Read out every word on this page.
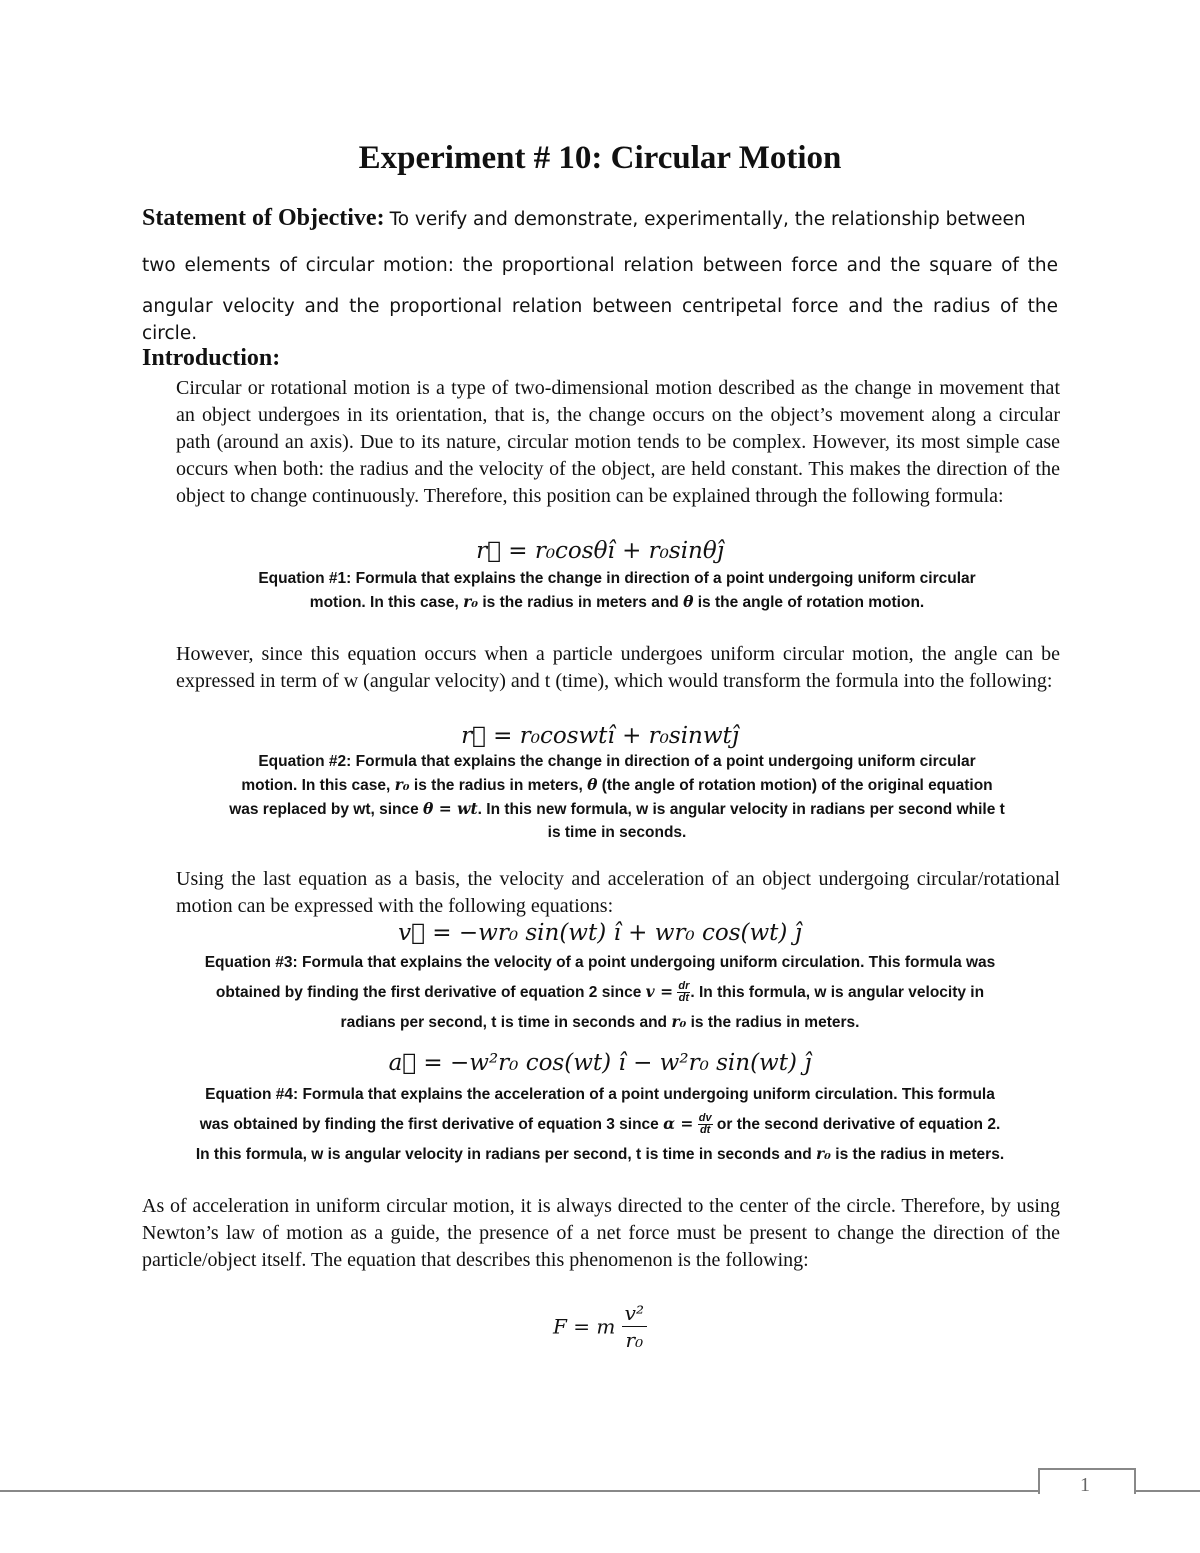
Experiment # 10: Circular Motion
Statement of Objective: To verify and demonstrate, experimentally, the relationship between
two elements of circular motion: the proportional relation between force and the square of the
angular velocity and the proportional relation between centripetal force and the radius of the circle.
Introduction:
Circular or rotational motion is a type of two-dimensional motion described as the change in movement that an object undergoes in its orientation, that is, the change occurs on the object’s movement along a circular path (around an axis). Due to its nature, circular motion tends to be complex. However, its most simple case occurs when both: the radius and the velocity of the object, are held constant. This makes the direction of the object to change continuously. Therefore, this position can be explained through the following formula:
r⃗ = r₀cosθî + r₀sinθĵ
Equation #1: Formula that explains the change in direction of a point undergoing uniform circular
motion. In this case, r₀ is the radius in meters and θ is the angle of rotation motion.
However, since this equation occurs when a particle undergoes uniform circular motion, the angle can be expressed in term of w (angular velocity) and t (time), which would transform the formula into the following:
r⃗ = r₀coswtî + r₀sinwtĵ
Equation #2: Formula that explains the change in direction of a point undergoing uniform circular
motion. In this case, r₀ is the radius in meters, θ (the angle of rotation motion) of the original equation
was replaced by wt, since θ = wt. In this new formula, w is angular velocity in radians per second while t
is time in seconds.
Using the last equation as a basis, the velocity and acceleration of an object undergoing circular/rotational motion can be expressed with the following equations:
v⃗ = −wr₀ sin(wt) î + wr₀ cos(wt) ĵ
Equation #3: Formula that explains the velocity of a point undergoing uniform circulation. This formula was
obtained by finding the first derivative of equation 2 since $v = \frac{dr}{dt}$ . In this formula, w is angular velocity in
radians per second, t is time in seconds and r₀ is the radius in meters.
a⃗ = −w²r₀ cos(wt) î − w²r₀ sin(wt) ĵ
Equation #4: Formula that explains the acceleration of a point undergoing uniform circulation. This formula
was obtained by finding the first derivative of equation 3 since $\alpha = \frac{dv}{dt}$ or the second derivative of equation 2.
In this formula, w is angular velocity in radians per second, t is time in seconds and r₀ is the radius in meters.
As of acceleration in uniform circular motion, it is always directed to the center of the circle. Therefore, by using Newton’s law of motion as a guide, the presence of a net force must be present to change the direction of the particle/object itself. The equation that describes this phenomenon is the following:
F = m $\frac{\text{v²}}{\text{r₀}}$
1
